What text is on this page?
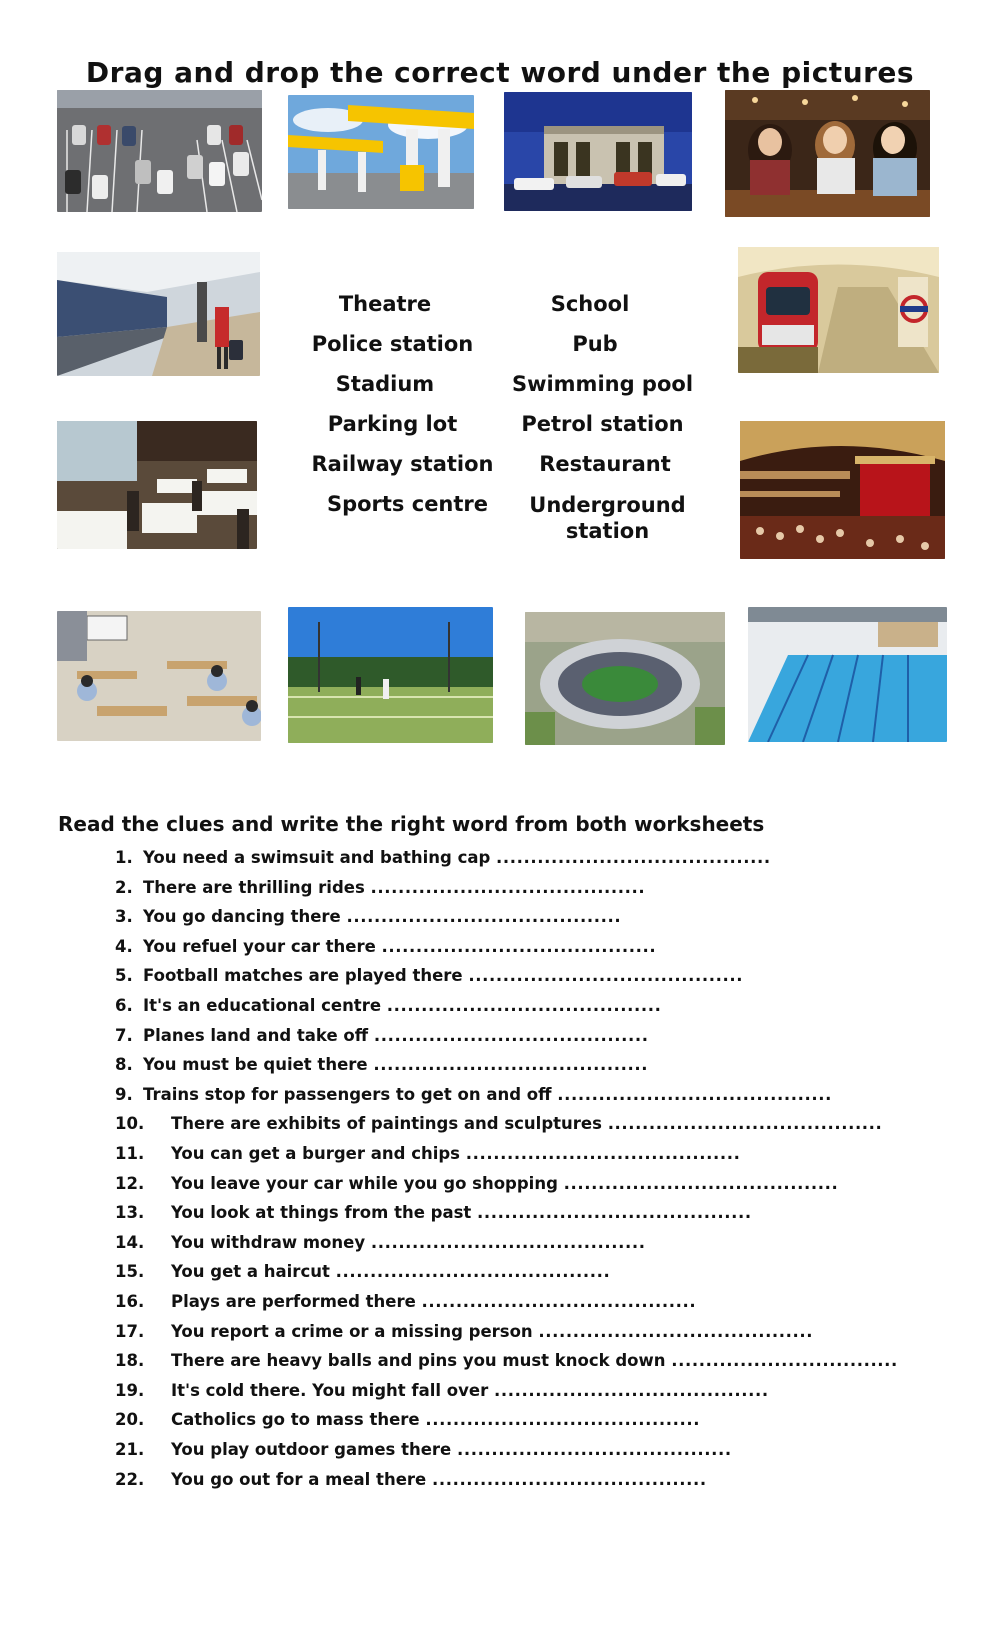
Drag and drop the correct word under the pictures
Theatre
Police station
Stadium
Parking lot
Railway station
Sports centre
School
Pub
Swimming pool
Petrol station
Restaurant
Underground station
Read the clues and write the right word from both worksheets
1. You need a swimsuit and bathing cap ........................................
2. There are thrilling rides ........................................
3. You go dancing there ........................................
4. You refuel your car there ........................................
5. Football matches are played there ........................................
6. It's an educational centre ........................................
7. Planes land and take off ........................................
8. You must be quiet there ........................................
9. Trains stop for passengers to get on and off ........................................
10. There are exhibits of paintings and sculptures ........................................
11. You can get a burger and chips ........................................
12. You leave your car while you go shopping ........................................
13. You look at things from the past ........................................
14. You withdraw money ........................................
15. You get a haircut ........................................
16. Plays are performed there ........................................
17. You report a crime or a missing person ........................................
18. There are heavy balls and pins you must knock down .................................
19. It's cold there. You might fall over ........................................
20. Catholics go to mass there ........................................
21. You play outdoor games there ........................................
22. You go out for a meal there ........................................
